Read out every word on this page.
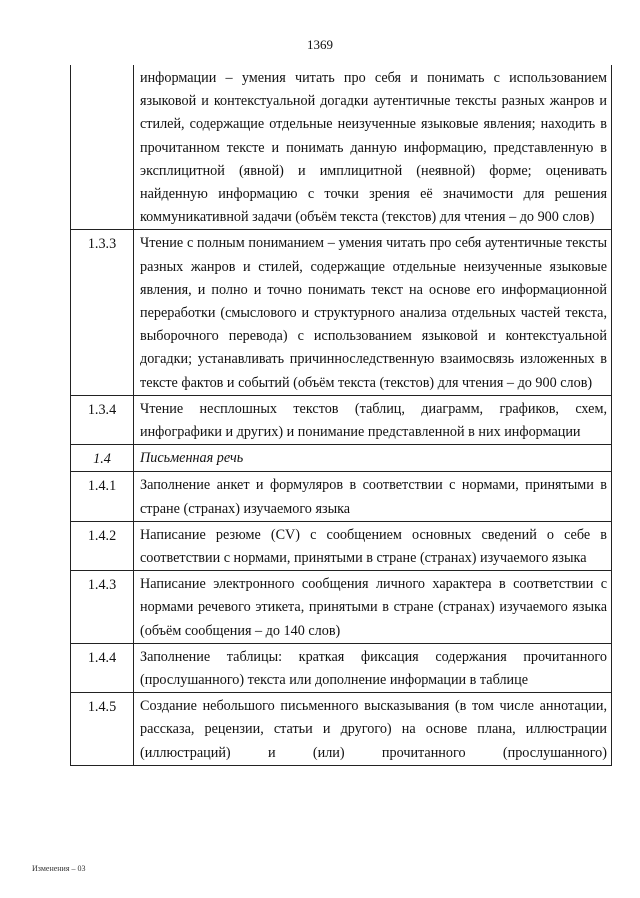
1369
	информации – умения читать про себя и понимать с использованием языковой и контекстуальной догадки аутентичные тексты разных жанров и стилей, содержащие отдельные неизученные языковые явления; находить в прочитанном тексте и понимать данную информацию, представленную в эксплицитной (явной) и имплицитной (неявной) форме; оценивать найденную информацию с точки зрения её значимости для решения коммуникативной задачи (объём текста (текстов) для чтения – до 900 слов)
1.3.3	Чтение с полным пониманием – умения читать про себя аутентичные тексты разных жанров и стилей, содержащие отдельные неизученные языковые явления, и полно и точно понимать текст на основе его информационной переработки (смыслового и структурного анализа отдельных частей текста, выборочного перевода) с использованием языковой и контекстуальной догадки; устанавливать причинноследственную взаимосвязь изложенных в тексте фактов и событий (объём текста (текстов) для чтения – до 900 слов)
1.3.4	Чтение несплошных текстов (таблиц, диаграмм, графиков, схем, инфографики и других) и понимание представленной в них информации
1.4	Письменная речь
1.4.1	Заполнение анкет и формуляров в соответствии с нормами, принятыми в стране (странах) изучаемого языка
1.4.2	Написание резюме (CV) с сообщением основных сведений о себе в соответствии с нормами, принятыми в стране (странах) изучаемого языка
1.4.3	Написание электронного сообщения личного характера в соответствии с нормами речевого этикета, принятыми в стране (странах) изучаемого языка (объём сообщения – до 140 слов)
1.4.4	Заполнение таблицы: краткая фиксация содержания прочитанного (прослушанного) текста или дополнение информации в таблице
1.4.5	Создание небольшого письменного высказывания (в том числе аннотации, рассказа, рецензии, статьи и другого) на основе плана, иллюстрации (иллюстраций) и (или) прочитанного (прослушанного)
Изменения – 03
